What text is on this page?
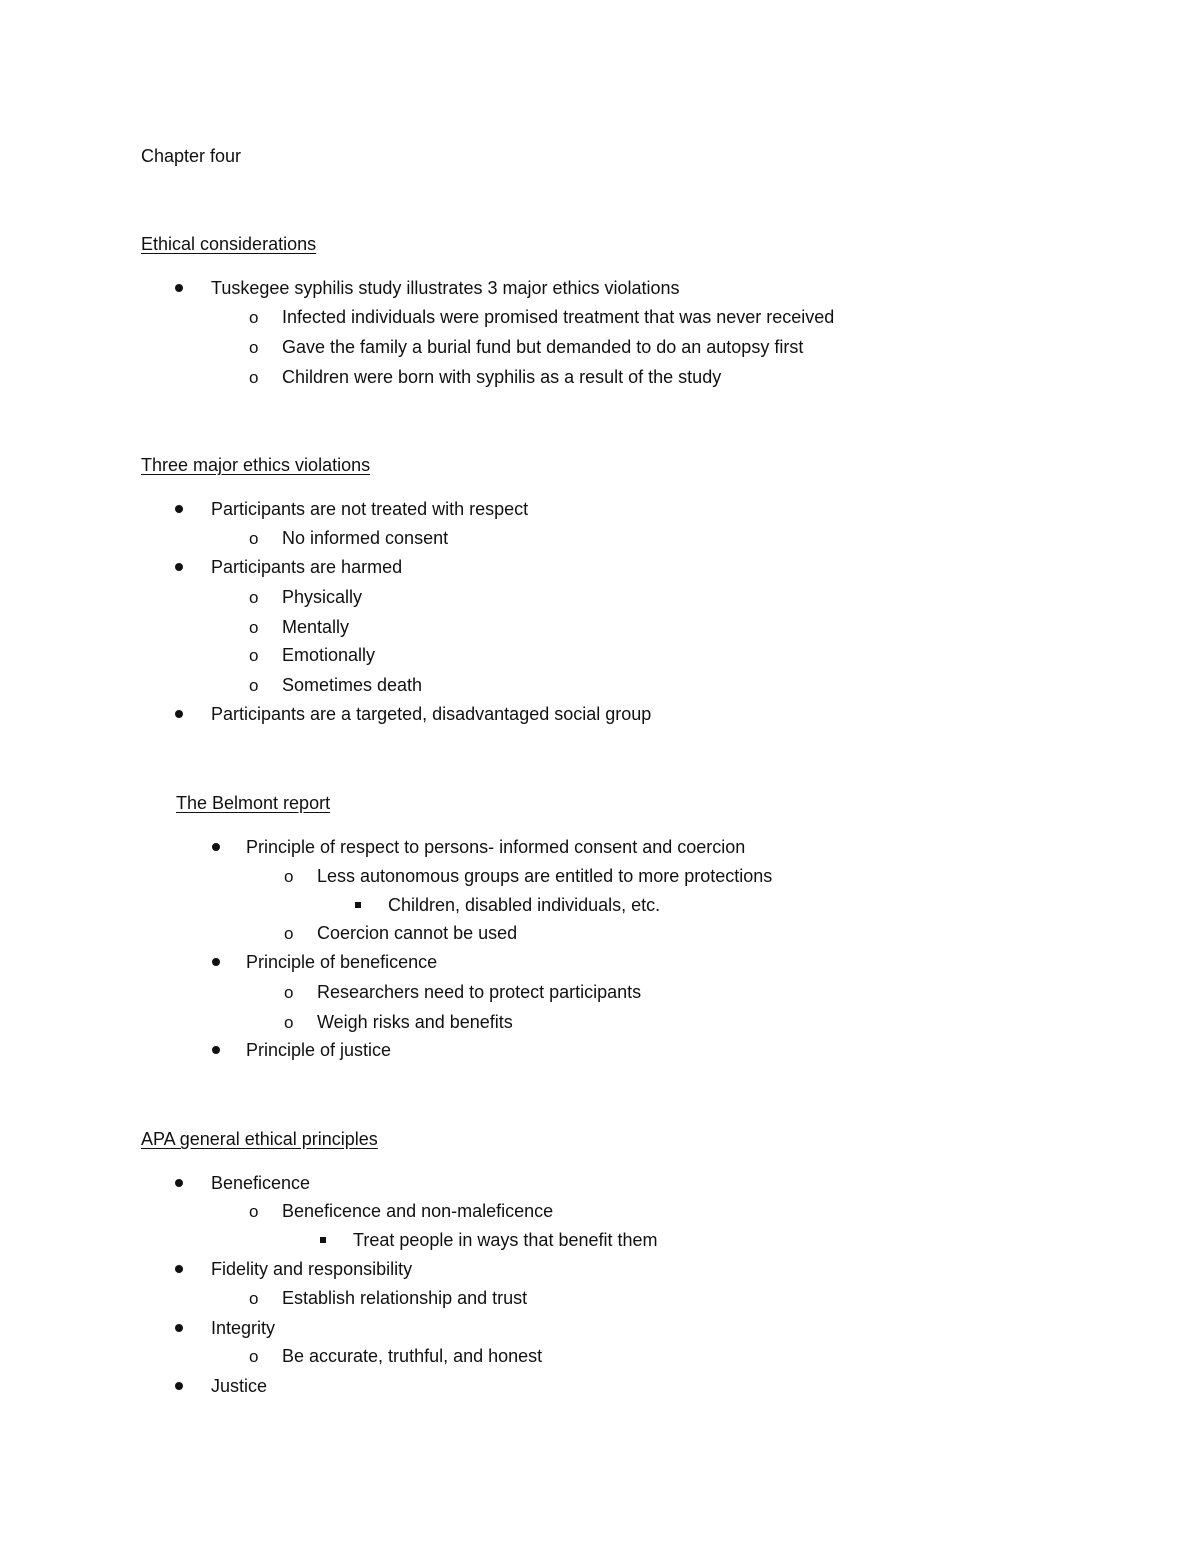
Chapter four
Ethical considerations
Tuskegee syphilis study illustrates 3 major ethics violations
o Infected individuals were promised treatment that was never received
o Gave the family a burial fund but demanded to do an autopsy first
o Children were born with syphilis as a result of the study
Three major ethics violations
Participants are not treated with respect
o No informed consent
Participants are harmed
o Physically
o Mentally
o Emotionally
o Sometimes death
Participants are a targeted, disadvantaged social group
The Belmont report
Principle of respect to persons- informed consent and coercion
o Less autonomous groups are entitled to more protections
Children, disabled individuals, etc.
o Coercion cannot be used
Principle of beneficence
o Researchers need to protect participants
o Weigh risks and benefits
Principle of justice
APA general ethical principles
Beneficence
o Beneficence and non-maleficence
Treat people in ways that benefit them
Fidelity and responsibility
o Establish relationship and trust
Integrity
o Be accurate, truthful, and honest
Justice
